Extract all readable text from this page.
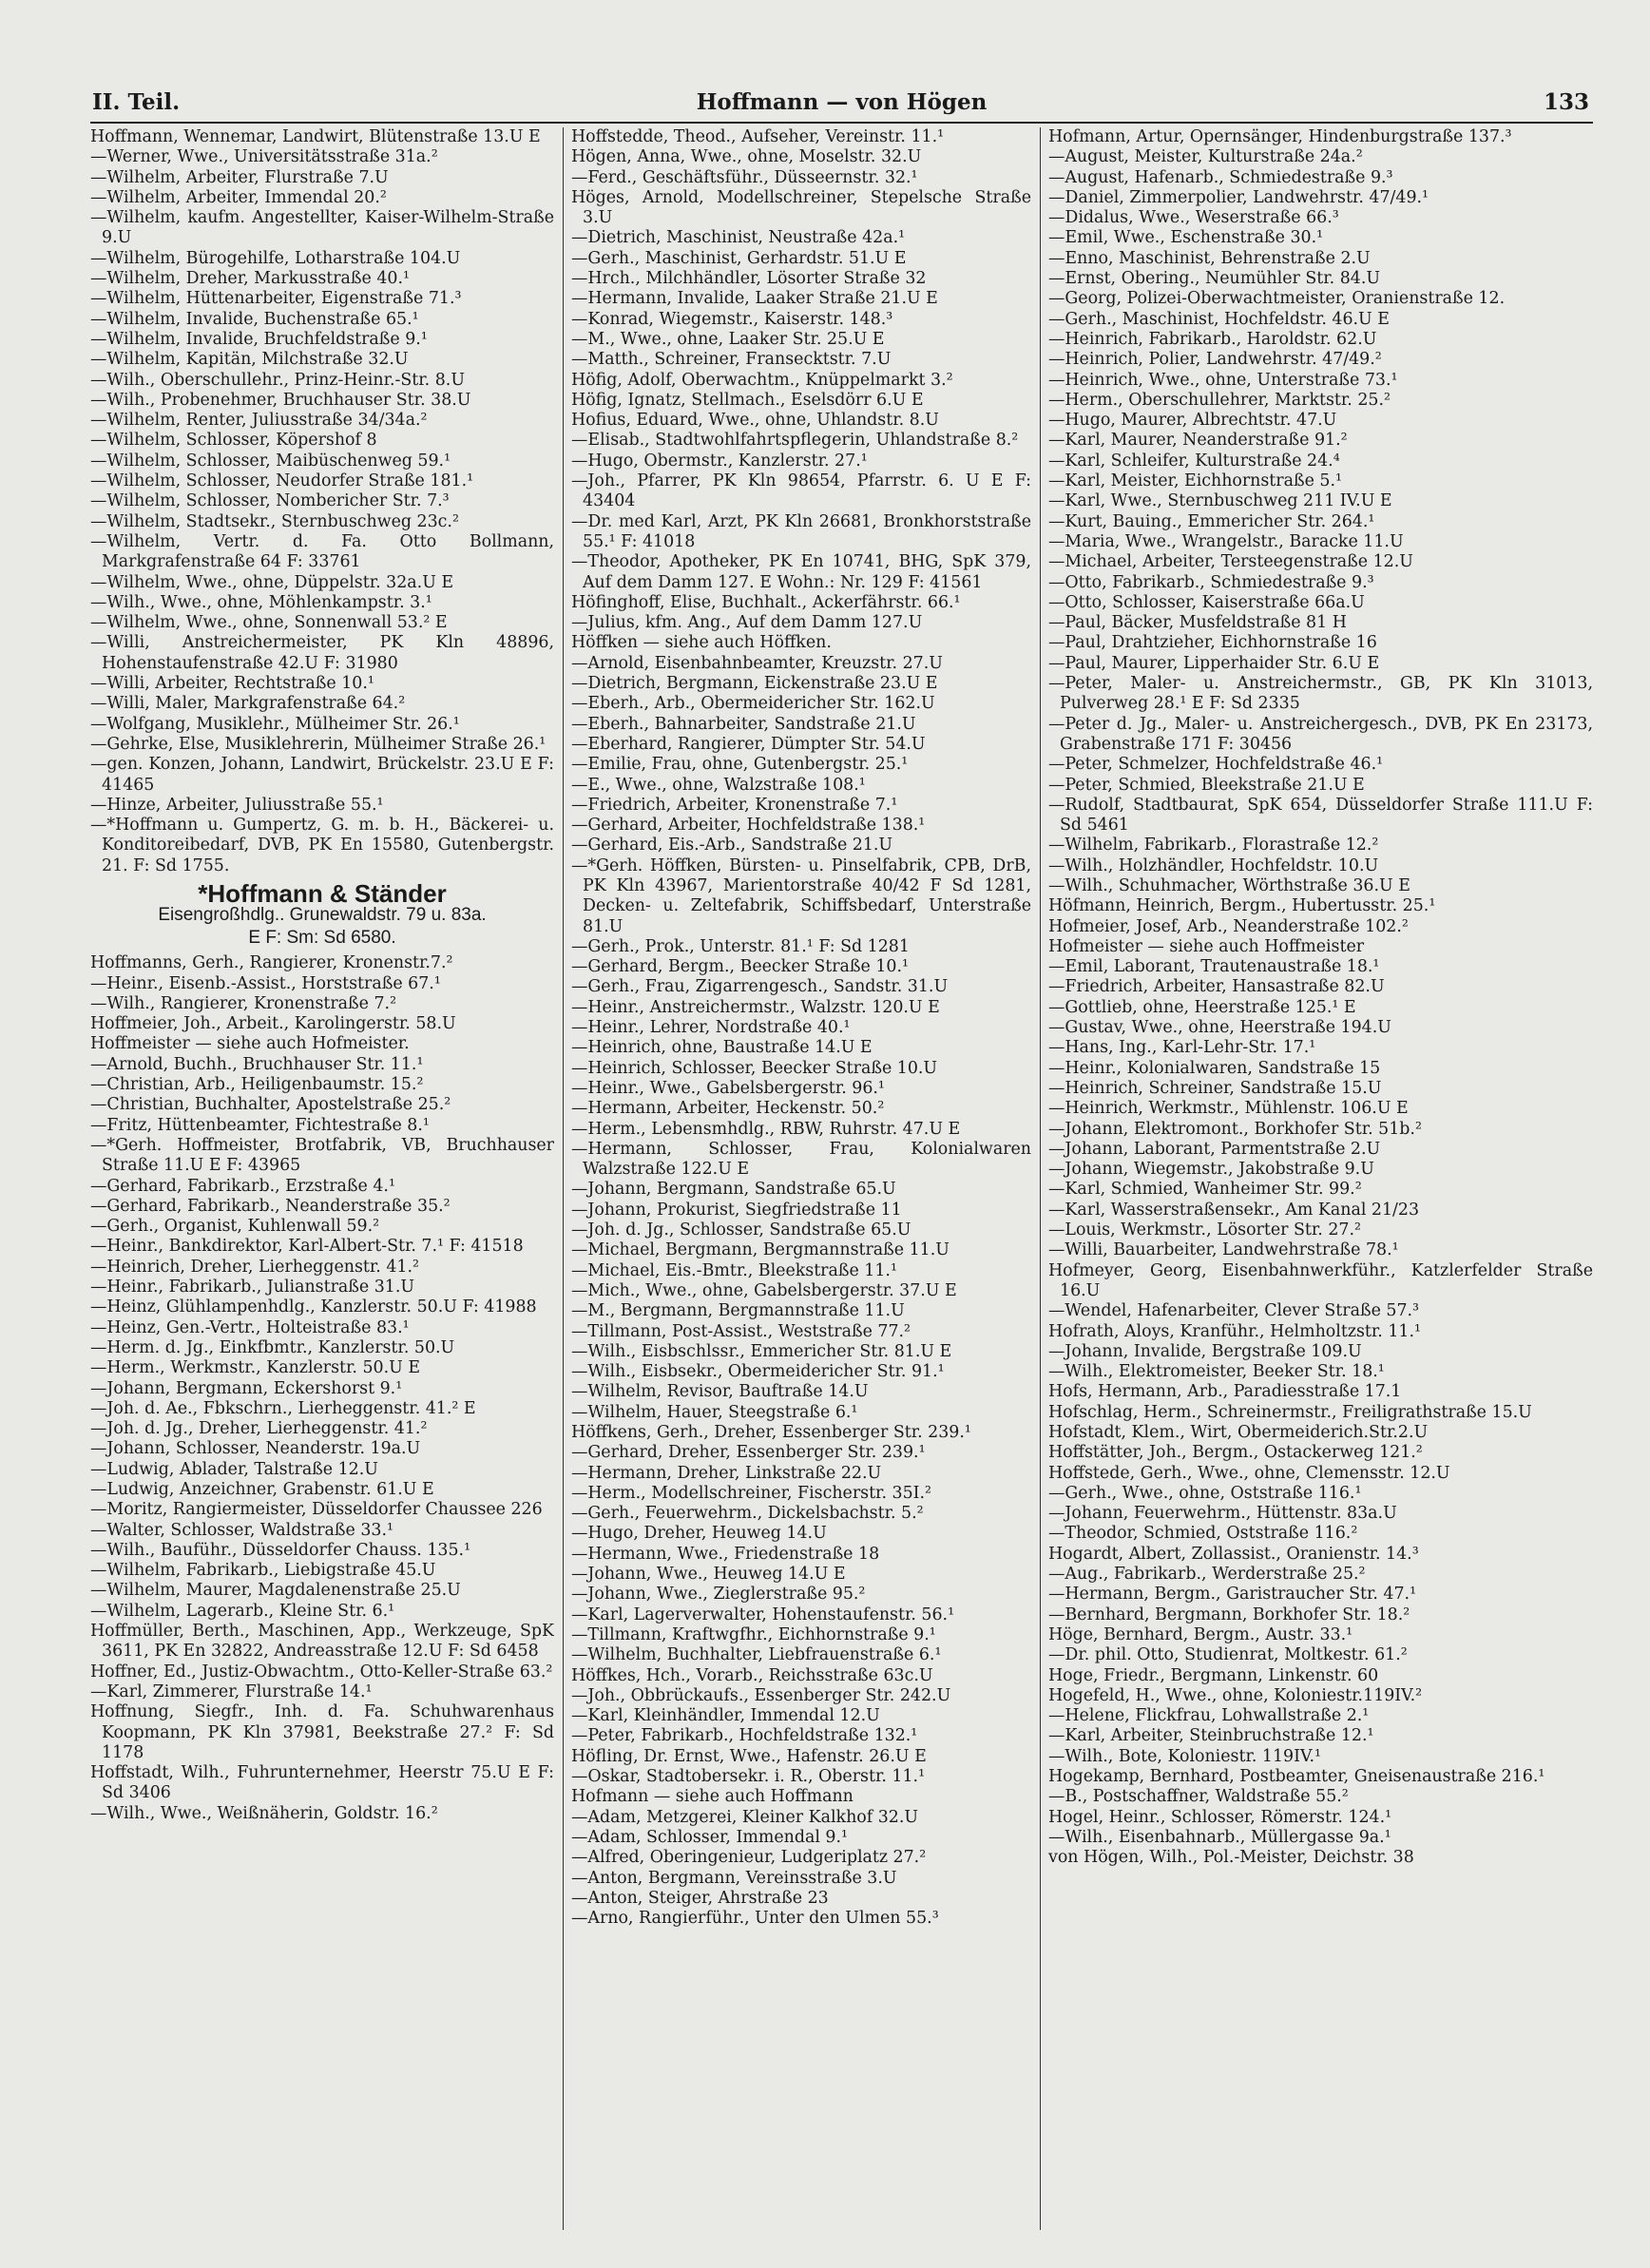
II. Teil.	Hoffmann — von Högen	133

Hoffmann, Wennemar, Landwirt, Blütenstraße 13.U E

—Werner, Wwe., Universitätsstraße 31a.²

—Wilhelm, Arbeiter, Flurstraße 7.U

—Wilhelm, Arbeiter, Immendal 20.²

—Wilhelm, kaufm. Angestellter, Kaiser-Wilhelm-Straße 9.U

—Wilhelm, Bürogehilfe, Lotharstraße 104.U

—Wilhelm, Dreher, Markusstraße 40.¹

—Wilhelm, Hüttenarbeiter, Eigenstraße 71.³

—Wilhelm, Invalide, Buchenstraße 65.¹

—Wilhelm, Invalide, Bruchfeldstraße 9.¹

—Wilhelm, Kapitän, Milchstraße 32.U

—Wilh., Oberschullehr., Prinz-Heinr.-Str. 8.U

—Wilh., Probenehmer, Bruchhauser Str. 38.U

—Wilhelm, Renter, Juliusstraße 34/34a.²

—Wilhelm, Schlosser, Köpershof 8

—Wilhelm, Schlosser, Maibüschenweg 59.¹

—Wilhelm, Schlosser, Neudorfer Straße 181.¹

—Wilhelm, Schlosser, Nombericher Str. 7.³

—Wilhelm, Stadtsekr., Sternbuschweg 23c.²

—Wilhelm, Vertr. d. Fa. Otto Bollmann, Markgrafenstraße 64 F: 33761

—Wilhelm, Wwe., ohne, Düppelstr. 32a.U E

—Wilh., Wwe., ohne, Möhlenkampstr. 3.¹

—Wilhelm, Wwe., ohne, Sonnenwall 53.² E

—Willi, Anstreichermeister, PK Kln 48896, Hohenstaufenstraße 42.U F: 31980

—Willi, Arbeiter, Rechtstraße 10.¹

—Willi, Maler, Markgrafenstraße 64.²

—Wolfgang, Musiklehr., Mülheimer Str. 26.¹

—Gehrke, Else, Musiklehrerin, Mülheimer Straße 26.¹

—gen. Konzen, Johann, Landwirt, Brückelstr. 23.U E F: 41465

—Hinze, Arbeiter, Juliusstraße 55.¹

—*Hoffmann u. Gumpertz, G. m. b. H., Bäckerei- u. Konditoreibedarf, DVB, PK En 15580, Gutenbergstr. 21. F: Sd 1755.

*Hoffmann & Ständer
Eisengroßhdlg.. Grunewaldstr. 79 u. 83a.
E F: Sm: Sd 6580.

Hoffmanns, Gerh., Rangierer, Kronenstr.7.²

—Heinr., Eisenb.-Assist., Horststraße 67.¹

—Wilh., Rangierer, Kronenstraße 7.²

Hoffmeier, Joh., Arbeit., Karolingerstr. 58.U

Hoffmeister — siehe auch Hofmeister.

—Arnold, Buchh., Bruchhauser Str. 11.¹

—Christian, Arb., Heiligenbaumstr. 15.²

—Christian, Buchhalter, Apostelstraße 25.²

—Fritz, Hüttenbeamter, Fichtestraße 8.¹

—*Gerh. Hoffmeister, Brotfabrik, VB, Bruchhauser Straße 11.U E F: 43965

—Gerhard, Fabrikarb., Erzstraße 4.¹

—Gerhard, Fabrikarb., Neanderstraße 35.²

—Gerh., Organist, Kuhlenwall 59.²

—Heinr., Bankdirektor, Karl-Albert-Str. 7.¹ F: 41518

—Heinrich, Dreher, Lierheggenstr. 41.²

—Heinr., Fabrikarb., Julianstraße 31.U

—Heinz, Glühlampenhdlg., Kanzlerstr. 50.U F: 41988

—Heinz, Gen.-Vertr., Holteistraße 83.¹

—Herm. d. Jg., Einkfbmtr., Kanzlerstr. 50.U

—Herm., Werkmstr., Kanzlerstr. 50.U E

—Johann, Bergmann, Eckershorst 9.¹

—Joh. d. Ae., Fbkschrn., Lierheggenstr. 41.² E

—Joh. d. Jg., Dreher, Lierheggenstr. 41.²

—Johann, Schlosser, Neanderstr. 19a.U

—Ludwig, Ablader, Talstraße 12.U

—Ludwig, Anzeichner, Grabenstr. 61.U E

—Moritz, Rangiermeister, Düsseldorfer Chaussee 226

—Walter, Schlosser, Waldstraße 33.¹

—Wilh., Bauführ., Düsseldorfer Chauss. 135.¹

—Wilhelm, Fabrikarb., Liebigstraße 45.U

—Wilhelm, Maurer, Magdalenenstraße 25.U

—Wilhelm, Lagerarb., Kleine Str. 6.¹

Hoffmüller, Berth., Maschinen, App., Werkzeuge, SpK 3611, PK En 32822, Andreasstraße 12.U F: Sd 6458

Hoffner, Ed., Justiz-Obwachtm., Otto-Keller-Straße 63.²

—Karl, Zimmerer, Flurstraße 14.¹

Hoffnung, Siegfr., Inh. d. Fa. Schuhwarenhaus Koopmann, PK Kln 37981, Beekstraße 27.² F: Sd 1178

Hoffstadt, Wilh., Fuhrunternehmer, Heerstr 75.U E F: Sd 3406

—Wilh., Wwe., Weißnäherin, Goldstr. 16.²

Hoffstedde, Theod., Aufseher, Vereinstr. 11.¹

Högen, Anna, Wwe., ohne, Moselstr. 32.U

—Ferd., Geschäftsführ., Düsseernstr. 32.¹

Höges, Arnold, Modellschreiner, Stepelsche Straße 3.U

—Dietrich, Maschinist, Neustraße 42a.¹

—Gerh., Maschinist, Gerhardstr. 51.U E

—Hrch., Milchhändler, Lösorter Straße 32

—Hermann, Invalide, Laaker Straße 21.U E

—Konrad, Wiegemstr., Kaiserstr. 148.³

—M., Wwe., ohne, Laaker Str. 25.U E

—Matth., Schreiner, Fransecktstr. 7.U

Höfig, Adolf, Oberwachtm., Knüppelmarkt 3.²

Höfig, Ignatz, Stellmach., Eselsdörr 6.U E

Hofius, Eduard, Wwe., ohne, Uhlandstr. 8.U

—Elisab., Stadtwohlfahrtspflegerin, Uhlandstraße 8.²

—Hugo, Obermstr., Kanzlerstr. 27.¹

—Joh., Pfarrer, PK Kln 98654, Pfarrstr. 6. U E F: 43404

—Dr. med Karl, Arzt, PK Kln 26681, Bronkhorststraße 55.¹ F: 41018

—Theodor, Apotheker, PK En 10741, BHG, SpK 379, Auf dem Damm 127. E Wohn.: Nr. 129 F: 41561

Höfinghoff, Elise, Buchhalt., Ackerfährstr. 66.¹

—Julius, kfm. Ang., Auf dem Damm 127.U

Höffken — siehe auch Höffken.

—Arnold, Eisenbahnbeamter, Kreuzstr. 27.U

—Dietrich, Bergmann, Eickenstraße 23.U E

—Eberh., Arb., Obermeidericher Str. 162.U

—Eberh., Bahnarbeiter, Sandstraße 21.U

—Eberhard, Rangierer, Dümpter Str. 54.U

—Emilie, Frau, ohne, Gutenbergstr. 25.¹

—E., Wwe., ohne, Walzstraße 108.¹

—Friedrich, Arbeiter, Kronenstraße 7.¹

—Gerhard, Arbeiter, Hochfeldstraße 138.¹

—Gerhard, Eis.-Arb., Sandstraße 21.U

—*Gerh. Höffken, Bürsten- u. Pinselfabrik, CPB, DrB, PK Kln 43967, Marientorstraße 40/42 F Sd 1281, Decken- u. Zeltefabrik, Schiffsbedarf, Unterstraße 81.U

—Gerh., Prok., Unterstr. 81.¹ F: Sd 1281

—Gerhard, Bergm., Beecker Straße 10.¹

—Gerh., Frau, Zigarrengesch., Sandstr. 31.U

—Heinr., Anstreichermstr., Walzstr. 120.U E

—Heinr., Lehrer, Nordstraße 40.¹

—Heinrich, ohne, Baustraße 14.U E

—Heinrich, Schlosser, Beecker Straße 10.U

—Heinr., Wwe., Gabelsbergerstr. 96.¹

—Hermann, Arbeiter, Heckenstr. 50.²

—Herm., Lebensmhdlg., RBW, Ruhrstr. 47.U E

—Hermann, Schlosser, Frau, Kolonialwaren Walzstraße 122.U E

—Johann, Bergmann, Sandstraße 65.U

—Johann, Prokurist, Siegfriedstraße 11

—Joh. d. Jg., Schlosser, Sandstraße 65.U

—Michael, Bergmann, Bergmannstraße 11.U

—Michael, Eis.-Bmtr., Bleekstraße 11.¹

—Mich., Wwe., ohne, Gabelsbergerstr. 37.U E

—M., Bergmann, Bergmannstraße 11.U

—Tillmann, Post-Assist., Weststraße 77.²

—Wilh., Eisbschlssr., Emmericher Str. 81.U E

—Wilh., Eisbsekr., Obermeidericher Str. 91.¹

—Wilhelm, Revisor, Bauftraße 14.U

—Wilhelm, Hauer, Steegstraße 6.¹

Höffkens, Gerh., Dreher, Essenberger Str. 239.¹

—Gerhard, Dreher, Essenberger Str. 239.¹

—Hermann, Dreher, Linkstraße 22.U

—Herm., Modellschreiner, Fischerstr. 35I.²

—Gerh., Feuerwehrm., Dickelsbachstr. 5.²

—Hugo, Dreher, Heuweg 14.U

—Hermann, Wwe., Friedenstraße 18

—Johann, Wwe., Heuweg 14.U E

—Johann, Wwe., Zieglerstraße 95.²

—Karl, Lagerverwalter, Hohenstaufenstr. 56.¹

—Tillmann, Kraftwgfhr., Eichhornstraße 9.¹

—Wilhelm, Buchhalter, Liebfrauenstraße 6.¹

Höffkes, Hch., Vorarb., Reichsstraße 63c.U

—Joh., Obbrückaufs., Essenberger Str. 242.U

—Karl, Kleinhändler, Immendal 12.U

—Peter, Fabrikarb., Hochfeldstraße 132.¹

Höfling, Dr. Ernst, Wwe., Hafenstr. 26.U E

—Oskar, Stadtobersekr. i. R., Oberstr. 11.¹

Hofmann — siehe auch Hoffmann

—Adam, Metzgerei, Kleiner Kalkhof 32.U

—Adam, Schlosser, Immendal 9.¹

—Alfred, Oberingenieur, Ludgeriplatz 27.²

—Anton, Bergmann, Vereinsstraße 3.U

—Anton, Steiger, Ahrstraße 23

—Arno, Rangierführ., Unter den Ulmen 55.³

Hofmann, Artur, Opernsänger, Hindenburgstraße 137.³

—August, Meister, Kulturstraße 24a.²

—August, Hafenarb., Schmiedestraße 9.³

—Daniel, Zimmerpolier, Landwehrstr. 47/49.¹

—Didalus, Wwe., Weserstraße 66.³

—Emil, Wwe., Eschenstraße 30.¹

—Enno, Maschinist, Behrenstraße 2.U

—Ernst, Obering., Neumühler Str. 84.U

—Georg, Polizei-Oberwachtmeister, Oranienstraße 12.

—Gerh., Maschinist, Hochfeldstr. 46.U E

—Heinrich, Fabrikarb., Haroldstr. 62.U

—Heinrich, Polier, Landwehrstr. 47/49.²

—Heinrich, Wwe., ohne, Unterstraße 73.¹

—Herm., Oberschullehrer, Marktstr. 25.²

—Hugo, Maurer, Albrechtstr. 47.U

—Karl, Maurer, Neanderstraße 91.²

—Karl, Schleifer, Kulturstraße 24.⁴

—Karl, Meister, Eichhornstraße 5.¹

—Karl, Wwe., Sternbuschweg 211 IV.U E

—Kurt, Bauing., Emmericher Str. 264.¹

—Maria, Wwe., Wrangelstr., Baracke 11.U

—Michael, Arbeiter, Tersteegenstraße 12.U

—Otto, Fabrikarb., Schmiedestraße 9.³

—Otto, Schlosser, Kaiserstraße 66a.U

—Paul, Bäcker, Musfeldstraße 81 H

—Paul, Drahtzieher, Eichhornstraße 16

—Paul, Maurer, Lipperhaider Str. 6.U E

—Peter, Maler- u. Anstreichermstr., GB, PK Kln 31013, Pulverweg 28.¹ E F: Sd 2335

—Peter d. Jg., Maler- u. Anstreichergesch., DVB, PK En 23173, Grabenstraße 171 F: 30456

—Peter, Schmelzer, Hochfeldstraße 46.¹

—Peter, Schmied, Bleekstraße 21.U E

—Rudolf, Stadtbaurat, SpK 654, Düsseldorfer Straße 111.U F: Sd 5461

—Wilhelm, Fabrikarb., Florastraße 12.²

—Wilh., Holzhändler, Hochfeldstr. 10.U

—Wilh., Schuhmacher, Wörthstraße 36.U E

Höfmann, Heinrich, Bergm., Hubertusstr. 25.¹

Hofmeier, Josef, Arb., Neanderstraße 102.²

Hofmeister — siehe auch Hoffmeister

—Emil, Laborant, Trautenaustraße 18.¹

—Friedrich, Arbeiter, Hansastraße 82.U

—Gottlieb, ohne, Heerstraße 125.¹ E

—Gustav, Wwe., ohne, Heerstraße 194.U

—Hans, Ing., Karl-Lehr-Str. 17.¹

—Heinr., Kolonialwaren, Sandstraße 15

—Heinrich, Schreiner, Sandstraße 15.U

—Heinrich, Werkmstr., Mühlenstr. 106.U E

—Johann, Elektromont., Borkhofer Str. 51b.²

—Johann, Laborant, Parmentstraße 2.U

—Johann, Wiegemstr., Jakobstraße 9.U

—Karl, Schmied, Wanheimer Str. 99.²

—Karl, Wasserstraßensekr., Am Kanal 21/23

—Louis, Werkmstr., Lösorter Str. 27.²

—Willi, Bauarbeiter, Landwehrstraße 78.¹

Hofmeyer, Georg, Eisenbahnwerkführ., Katzlerfelder Straße 16.U

—Wendel, Hafenarbeiter, Clever Straße 57.³

Hofrath, Aloys, Kranführ., Helmholtzstr. 11.¹

—Johann, Invalide, Bergstraße 109.U

—Wilh., Elektromeister, Beeker Str. 18.¹

Hofs, Hermann, Arb., Paradiesstraße 17.1

Hofschlag, Herm., Schreinermstr., Freiligrathstraße 15.U

Hofstadt, Klem., Wirt, Obermeiderich.Str.2.U

Hoffstätter, Joh., Bergm., Ostackerweg 121.²

Hoffstede, Gerh., Wwe., ohne, Clemensstr. 12.U

—Gerh., Wwe., ohne, Oststraße 116.¹

—Johann, Feuerwehrm., Hüttenstr. 83a.U

—Theodor, Schmied, Oststraße 116.²

Hogardt, Albert, Zollassist., Oranienstr. 14.³

—Aug., Fabrikarb., Werderstraße 25.²

—Hermann, Bergm., Garistraucher Str. 47.¹

—Bernhard, Bergmann, Borkhofer Str. 18.²

Höge, Bernhard, Bergm., Austr. 33.¹

—Dr. phil. Otto, Studienrat, Moltkestr. 61.²

Hoge, Friedr., Bergmann, Linkenstr. 60

Hogefeld, H., Wwe., ohne, Koloniestr.119IV.²

—Helene, Flickfrau, Lohwallstraße 2.¹

—Karl, Arbeiter, Steinbruchstraße 12.¹

—Wilh., Bote, Koloniestr. 119IV.¹

Hogekamp, Bernhard, Postbeamter, Gneisenaustraße 216.¹

—B., Postschaffner, Waldstraße 55.²

Hogel, Heinr., Schlosser, Römerstr. 124.¹

—Wilh., Eisenbahnarb., Müllergasse 9a.¹

von Högen, Wilh., Pol.-Meister, Deichstr. 38
